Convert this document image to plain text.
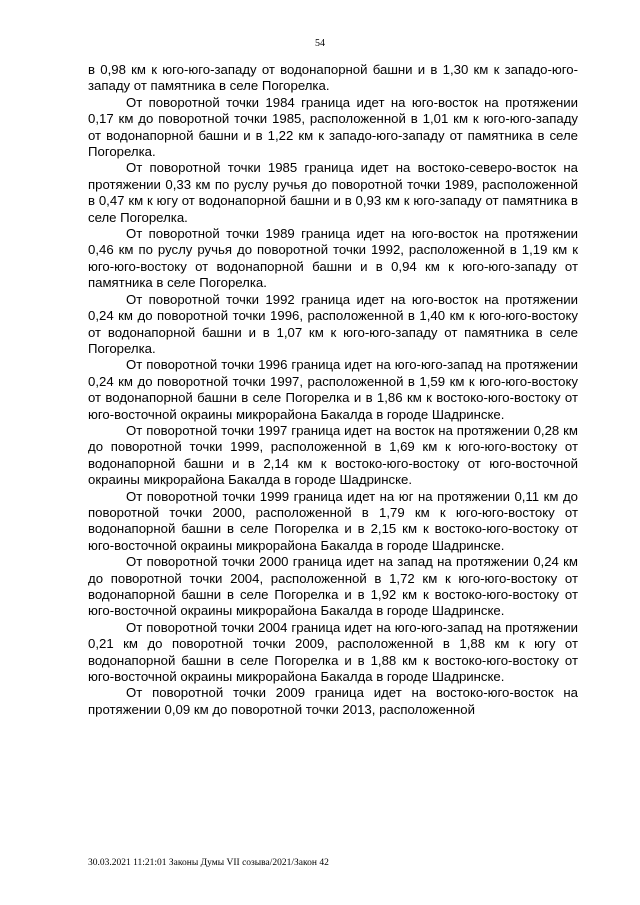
54

в 0,98 км к юго-юго-западу от водонапорной башни и в 1,30 км к западо-юго-западу от памятника в селе Погорелка.

От поворотной точки 1984 граница идет на юго-восток на протяжении 0,17 км до поворотной точки 1985, расположенной в 1,01 км к юго-юго-западу от водонапорной башни и в 1,22 км к западо-юго-западу от памятника в селе Погорелка.

От поворотной точки 1985 граница идет на востоко-северо-восток на протяжении 0,33 км по руслу ручья до поворотной точки 1989, расположенной в 0,47 км к югу от водонапорной башни и в 0,93 км к юго-западу от памятника в селе Погорелка.

От поворотной точки 1989 граница идет на юго-восток на протяжении 0,46 км по руслу ручья до поворотной точки 1992, расположенной в 1,19 км к юго-юго-востоку от водонапорной башни и в 0,94 км к юго-юго-западу от памятника в селе Погорелка.

От поворотной точки 1992 граница идет на юго-восток на протяжении 0,24 км до поворотной точки 1996, расположенной в 1,40 км к юго-юго-востоку от водонапорной башни и в 1,07 км к юго-юго-западу от памятника в селе Погорелка.

От поворотной точки 1996 граница идет на юго-юго-запад на протяжении 0,24 км до поворотной точки 1997, расположенной в 1,59 км к юго-юго-востоку от водонапорной башни в селе Погорелка и в 1,86 км к востоко-юго-востоку от юго-восточной окраины микрорайона Бакалда в городе Шадринске.

От поворотной точки 1997 граница идет на восток на протяжении 0,28 км до поворотной точки 1999, расположенной в 1,69 км к юго-юго-востоку от водонапорной башни и в 2,14 км к востоко-юго-востоку от юго-восточной окраины микрорайона Бакалда в городе Шадринске.

От поворотной точки 1999 граница идет на юг на протяжении 0,11 км до поворотной точки 2000, расположенной в 1,79 км к юго-юго-востоку от водонапорной башни в селе Погорелка и в 2,15 км к востоко-юго-востоку от юго-восточной окраины микрорайона Бакалда в городе Шадринске.

От поворотной точки 2000 граница идет на запад на протяжении 0,24 км до поворотной точки 2004, расположенной в 1,72 км к юго-юго-востоку от водонапорной башни в селе Погорелка и в 1,92 км к востоко-юго-востоку от юго-восточной окраины микрорайона Бакалда в городе Шадринске.

От поворотной точки 2004 граница идет на юго-юго-запад на протяжении 0,21 км до поворотной точки 2009, расположенной в 1,88 км к югу от водонапорной башни в селе Погорелка и в 1,88 км к востоко-юго-востоку от юго-восточной окраины микрорайона Бакалда в городе Шадринске.

От поворотной точки 2009 граница идет на востоко-юго-восток на протяжении 0,09 км до поворотной точки 2013, расположенной

30.03.2021 11:21:01 Законы Думы VII созыва/2021/Закон 42
